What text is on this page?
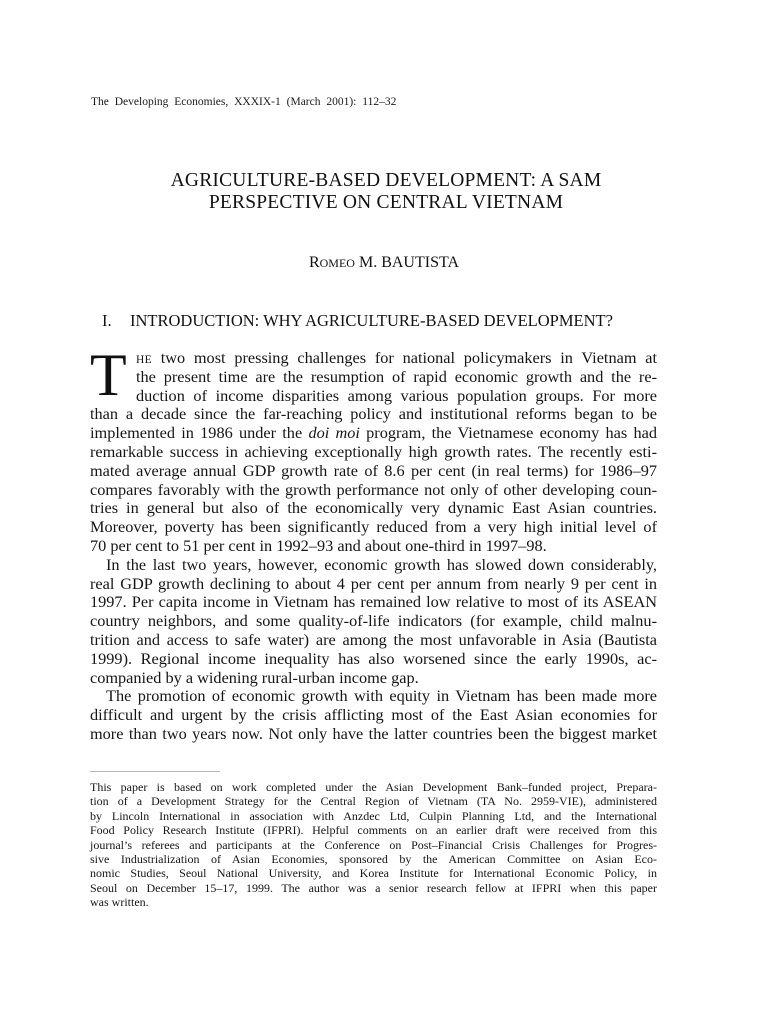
The Developing Economies, XXXIX-1 (March 2001): 112–32
AGRICULTURE-BASED DEVELOPMENT: A SAM
PERSPECTIVE ON CENTRAL VIETNAM
ROMEO M. BAUTISTA
I. INTRODUCTION: WHY AGRICULTURE-BASED DEVELOPMENT?
T HE two most pressing challenges for national policymakers in Vietnam at
the present time are the resumption of rapid economic growth and the re-
duction of income disparities among various population groups. For more
than a decade since the far-reaching policy and institutional reforms began to be
implemented in 1986 under the doi moi program, the Vietnamese economy has had
remarkable success in achieving exceptionally high growth rates. The recently esti-
mated average annual GDP growth rate of 8.6 per cent (in real terms) for 1986–97
compares favorably with the growth performance not only of other developing coun-
tries in general but also of the economically very dynamic East Asian countries.
Moreover, poverty has been significantly reduced from a very high initial level of
70 per cent to 51 per cent in 1992–93 and about one-third in 1997–98.
In the last two years, however, economic growth has slowed down considerably,
real GDP growth declining to about 4 per cent per annum from nearly 9 per cent in
1997. Per capita income in Vietnam has remained low relative to most of its ASEAN
country neighbors, and some quality-of-life indicators (for example, child malnu-
trition and access to safe water) are among the most unfavorable in Asia (Bautista
1999). Regional income inequality has also worsened since the early 1990s, ac-
companied by a widening rural-urban income gap.
The promotion of economic growth with equity in Vietnam has been made more
difficult and urgent by the crisis afflicting most of the East Asian economies for
more than two years now. Not only have the latter countries been the biggest market
This paper is based on work completed under the Asian Development Bank–funded project, Prepara-
tion of a Development Strategy for the Central Region of Vietnam (TA No. 2959-VIE), administered
by Lincoln International in association with Anzdec Ltd, Culpin Planning Ltd, and the International
Food Policy Research Institute (IFPRI). Helpful comments on an earlier draft were received from this
journal’s referees and participants at the Conference on Post–Financial Crisis Challenges for Progres-
sive Industrialization of Asian Economies, sponsored by the American Committee on Asian Eco-
nomic Studies, Seoul National University, and Korea Institute for International Economic Policy, in
Seoul on December 15–17, 1999. The author was a senior research fellow at IFPRI when this paper
was written.
